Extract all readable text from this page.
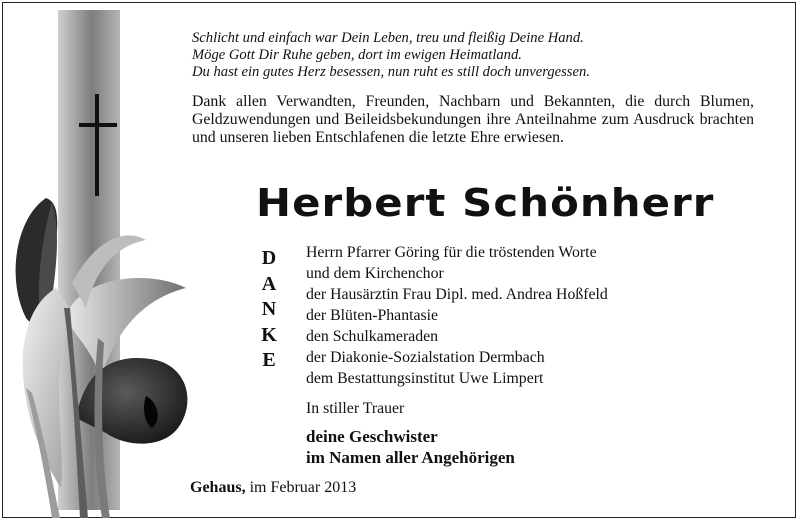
Schlicht und einfach war Dein Leben, treu und fleißig Deine Hand.
Möge Gott Dir Ruhe geben, dort im ewigen Heimatland.
Du hast ein gutes Herz besessen, nun ruht es still doch unvergessen.

Dank allen Verwandten, Freunden, Nachbarn und Bekannten, die durch Blumen, Geldzuwendungen und Beileidsbekundungen ihre Anteilnahme zum Ausdruck brachten und unseren lieben Entschlafenen die letzte Ehre erwiesen.

Herbert Schönherr
D
A
N
K
E
Herrn Pfarrer Göring für die tröstenden Worte
und dem Kirchenchor
der Hausärztin Frau Dipl. med. Andrea Hoßfeld
der Blüten-Phantasie
den Schulkameraden
der Diakonie-Sozialstation Dermbach
dem Bestattungsinstitut Uwe Limpert
In stiller Trauer
deine Geschwister
im Namen aller Angehörigen
Gehaus, im Februar 2013
